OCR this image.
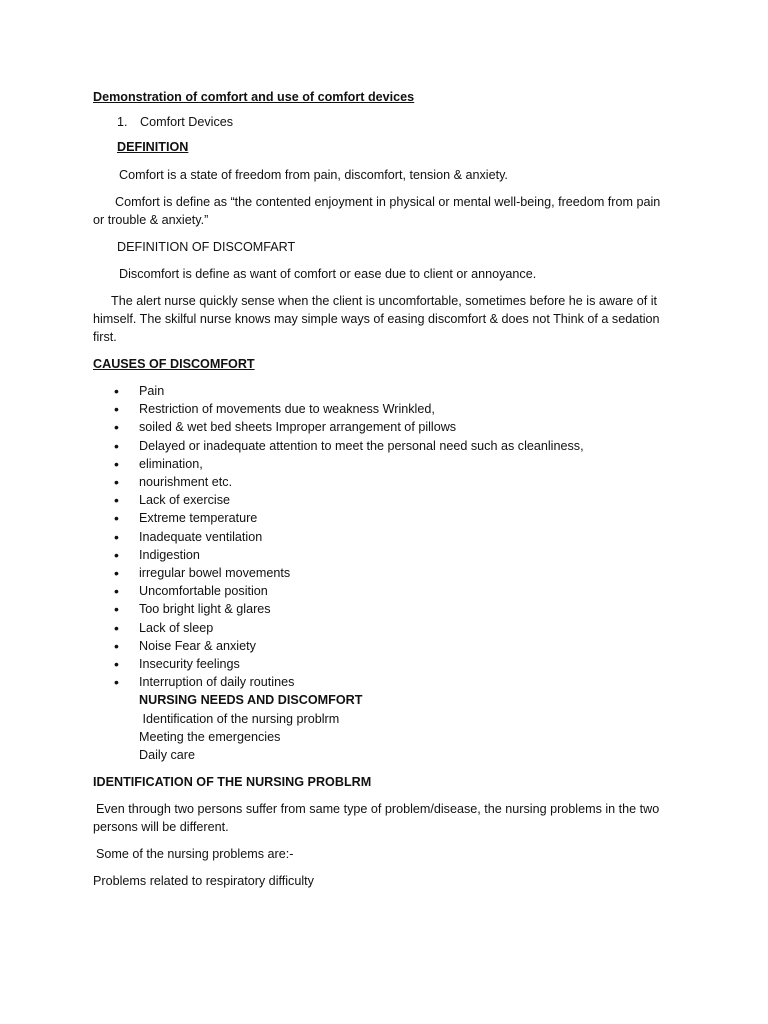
Demonstration of comfort and use of comfort devices

1. Comfort Devices

DEFINITION

Comfort is a state of freedom from pain, discomfort, tension & anxiety.

Comfort is define as “the contented enjoyment in physical or mental well-being, freedom from pain or trouble & anxiety.”

DEFINITION OF DISCOMFART

Discomfort is define as want of comfort or ease due to client or annoyance.

The alert nurse quickly sense when the client is uncomfortable, sometimes before he is aware of it himself. The skilful nurse knows may simple ways of easing discomfort & does not Think of a sedation first.

CAUSES OF DISCOMFORT

•	Pain
•	Restriction of movements due to weakness Wrinkled,
•	soiled & wet bed sheets Improper arrangement of pillows
•	Delayed or inadequate attention to meet the personal need such as cleanliness,
•	elimination,
•	nourishment etc.
•	Lack of exercise
•	Extreme temperature
•	Inadequate ventilation
•	Indigestion
•	irregular bowel movements
•	Uncomfortable position
•	Too bright light & glares
•	Lack of sleep
•	Noise Fear & anxiety
•	Insecurity feelings
•	Interruption of daily routines

NURSING NEEDS AND DISCOMFORT

Identification of the nursing problrm

Meeting the emergencies

Daily care

IDENTIFICATION OF THE NURSING PROBLRM

Even through two persons suffer from same type of problem/disease, the nursing problems in the two persons will be different.

Some of the nursing problems are:-

Problems related to respiratory difficulty
